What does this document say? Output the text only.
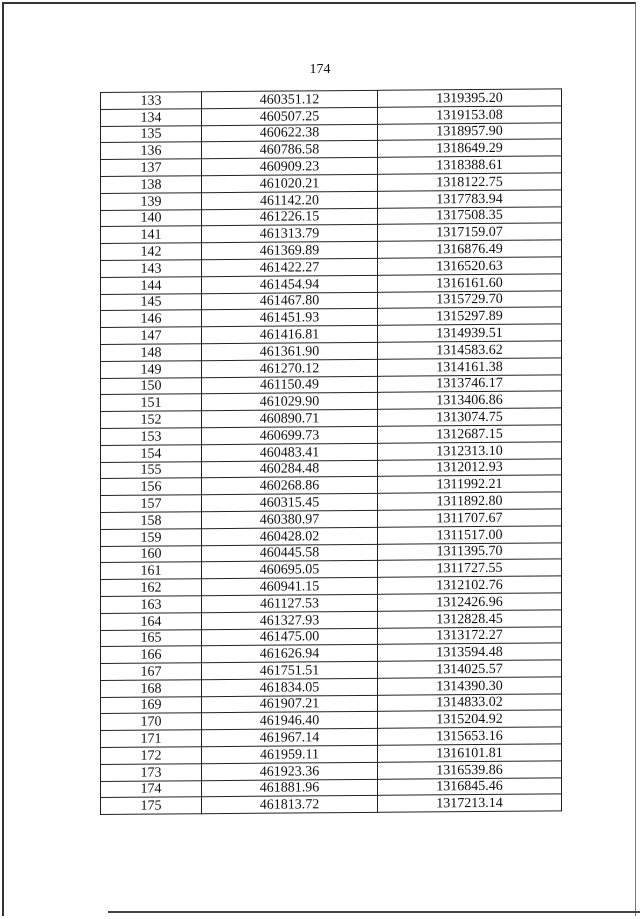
174
133	460351.12	1319395.20
134	460507.25	1319153.08
135	460622.38	1318957.90
136	460786.58	1318649.29
137	460909.23	1318388.61
138	461020.21	1318122.75
139	461142.20	1317783.94
140	461226.15	1317508.35
141	461313.79	1317159.07
142	461369.89	1316876.49
143	461422.27	1316520.63
144	461454.94	1316161.60
145	461467.80	1315729.70
146	461451.93	1315297.89
147	461416.81	1314939.51
148	461361.90	1314583.62
149	461270.12	1314161.38
150	461150.49	1313746.17
151	461029.90	1313406.86
152	460890.71	1313074.75
153	460699.73	1312687.15
154	460483.41	1312313.10
155	460284.48	1312012.93
156	460268.86	1311992.21
157	460315.45	1311892.80
158	460380.97	1311707.67
159	460428.02	1311517.00
160	460445.58	1311395.70
161	460695.05	1311727.55
162	460941.15	1312102.76
163	461127.53	1312426.96
164	461327.93	1312828.45
165	461475.00	1313172.27
166	461626.94	1313594.48
167	461751.51	1314025.57
168	461834.05	1314390.30
169	461907.21	1314833.02
170	461946.40	1315204.92
171	461967.14	1315653.16
172	461959.11	1316101.81
173	461923.36	1316539.86
174	461881.96	1316845.46
175	461813.72	1317213.14
